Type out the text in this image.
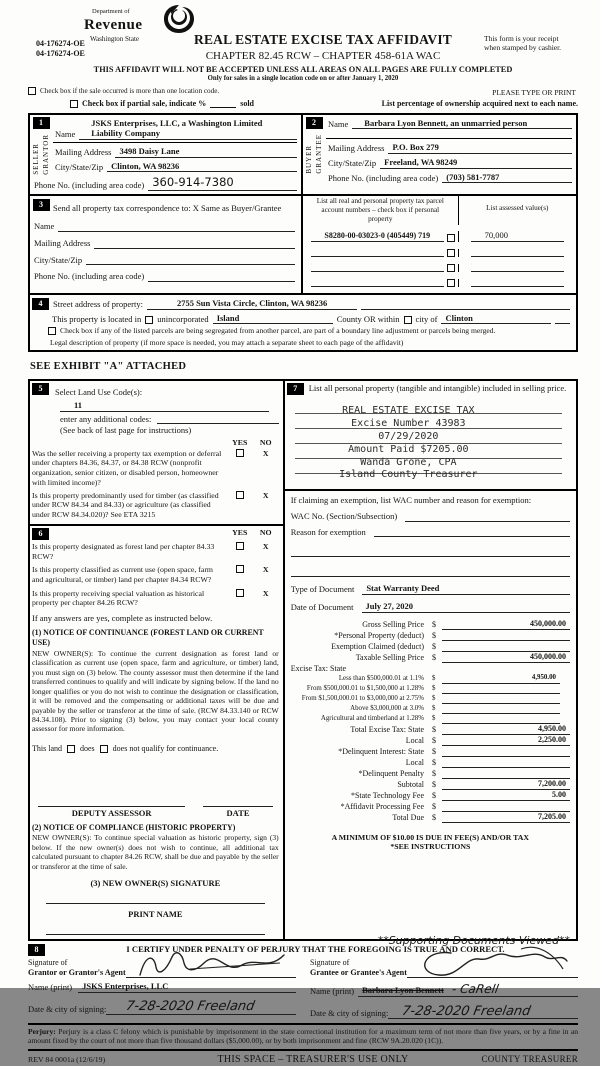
Department of
Revenue
Washington State
04-176274-OE
04-176274-OE
REAL ESTATE EXCISE TAX AFFIDAVIT
CHAPTER 82.45 RCW – CHAPTER 458-61A WAC
This form is your receipt when stamped by cashier.
THIS AFFIDAVIT WILL NOT BE ACCEPTED UNLESS ALL AREAS ON ALL PAGES ARE FULLY COMPLETED
Only for sales in a single location code on or after January 1, 2020
PLEASE TYPE OR PRINT
Check box if the sale occurred is more than one location code.
Check box if partial sale, indicate %	sold	List percentage of ownership acquired next to each name.
1
SELLER GRANTOR Name
JSKS Enterprises, LLC, a Washington Limited
Liability Company
Mailing Address 3498 Daisy Lane
City/State/Zip Clinton, WA 98236
Phone No. (including area code) 360-914-7380
2
BUYER GRANTEE
Name	Barbara Lyon Bennett, an unmarried person
Mailing Address P.O. Box 279
City/State/Zip Freeland, WA 98249
Phone No. (including area code) (703) 581-7787
3	Send all property tax correspondence to: X Same as Buyer/Grantee
Name
Mailing Address
City/State/Zip
Phone No. (including area code)
List all real and personal property tax parcel account numbers – check box if personal property
List assessed value(s)
S8280-00-03023-0 (405449) 719	70,000
4	Street address of property:	2755 Sun Vista Circle, Clinton, WA 98236
This property is located in unincorporated Island	County OR within city of Clinton
Check box if any of the listed parcels are being segregated from another parcel, are part of a boundary line adjustment or parcels being merged.
Legal description of property (if more space is needed, you may attach a separate sheet to each page of the affidavit)
SEE EXHIBIT "A" ATTACHED
5	Select Land Use Code(s):
11
enter any additional codes:
(See back of last page for instructions)
YES	NO
Was the seller receiving a property tax exemption or deferral under chapters 84.36, 84.37, or 84.38 RCW (nonprofit organization, senior citizen, or disabled person, homeowner with limited income)?
X
Is this property predominantly used for timber (as classified under RCW 84.34 and 84.33) or agriculture (as classified under RCW 84.34.020)? See ETA 3215
X
6	YES	NO
Is this property designated as forest land per chapter 84.33 RCW?
X
Is this property classified as current use (open space, farm and agricultural, or timber) land per chapter 84.34 RCW?
X
Is this property receiving special valuation as historical property per chapter 84.26 RCW?
X
If any answers are yes, complete as instructed below.
(1) NOTICE OF CONTINUANCE (FOREST LAND OR CURRENT USE)
NEW OWNER(S): To continue the current designation as forest land or classification as current use (open space, farm and agriculture, or timber) land, you must sign on (3) below. The county assessor must then determine if the land transferred continues to qualify and will indicate by signing below. If the land no longer qualifies or you do not wish to continue the designation or classification, it will be removed and the compensating or additional taxes will be due and payable by the seller or transferor at the time of sale. (RCW 84.33.140 or RCW 84.34.108). Prior to signing (3) below, you may contact your local county assessor for more information.
This land does does not qualify for continuance.
DEPUTY ASSESSOR	DATE
(2) NOTICE OF COMPLIANCE (HISTORIC PROPERTY)
NEW OWNER(S): To continue special valuation as historic property, sign (3) below. If the new owner(s) does not wish to continue, all additional tax calculated pursuant to chapter 84.26 RCW, shall be due and payable by the seller or transferor at the time of sale.
(3) NEW OWNER(S) SIGNATURE
PRINT NAME
7	List all personal property (tangible and intangible) included in selling price.
REAL ESTATE EXCISE TAX
Excise Number 43983
07/29/2020
Amount Paid $7205.00
Wanda Grone, CPA
Island County Treasurer
If claiming an exemption, list WAC number and reason for exemption:
WAC No. (Section/Subsection)
Reason for exemption
Type of Document	Stat Warranty Deed
Date of Document	July 27, 2020
Gross Selling Price	$	450,000.00
*Personal Property (deduct)	$
Exemption Claimed (deduct)	$
Taxable Selling Price	$	450,000.00
Excise Tax: State
Less than $500,000.01 at 1.1%	$	4,950.00
From $500,000.01 to $1,500,000 at 1.28%	$
From $1,500,000.01 to $3,000,000 at 2.75%	$
Above $3,000,000 at 3.0%	$
Agricultural and timberland at 1.28%	$
Total Excise Tax: State	$	4,950.00
Local	$	2,250.00
*Delinquent Interest: State	$
Local	$
*Delinquent Penalty	$
Subtotal	$	7,200.00
*State Technology Fee	$	5.00
*Affidavit Processing Fee	$
Total Due	$	7,205.00
A MINIMUM OF $10.00 IS DUE IN FEE(S) AND/OR TAX
*SEE INSTRUCTIONS
8	I CERTIFY UNDER PENALTY OF PERJURY THAT THE FOREGOING IS TRUE AND CORRECT.
Signature of
Grantor or Grantor's Agent
Name (print)	JSKS Enterprises, LLC
Date & city of signing: 7-28-2020 Freeland
Signature of
Grantee or Grantee's Agent
Name (print) Barbara Lyon Bennett - CaRell
Date & city of signing: 7-28-2020 Freeland
Perjury: Perjury is a class C felony which is punishable by imprisonment in the state correctional institution for a maximum term of not more than five years, or by a fine in an amount fixed by the court of not more than five thousand dollars ($5,000.00), or by both imprisonment and fine (RCW 9A.20.020 (1C)).
REV 84 0001a (12/6/19)	THIS SPACE – TREASURER'S USE ONLY	COUNTY TREASURER
**Supporting Documents Viewed**
